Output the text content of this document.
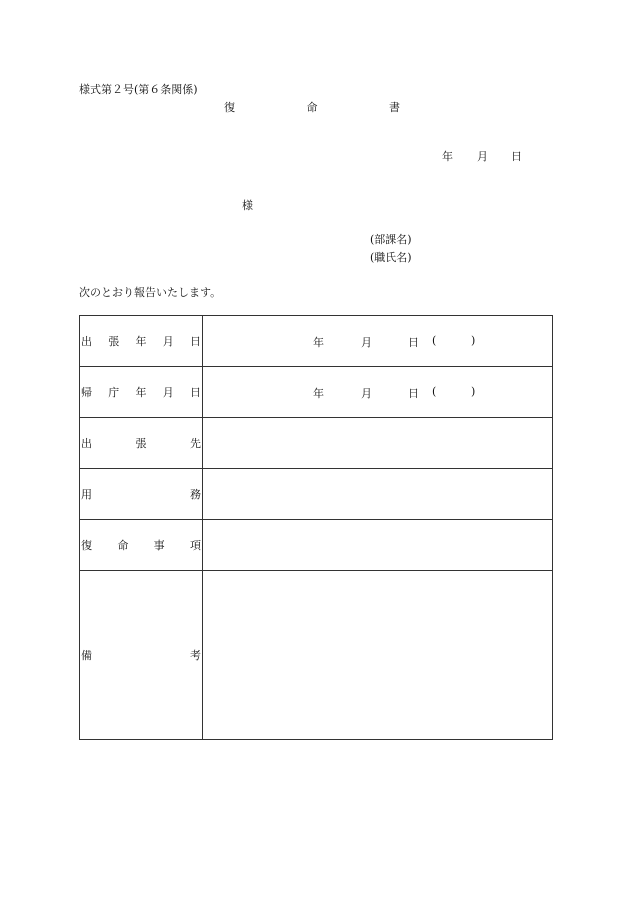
様式第２号(第６条関係)
復	命	書
年 月 日
様
(部課名)
(職氏名)
次のとおり報告いたします。
出 張 年 月 日	年 月 日 ( )

帰 庁 年 月 日	年 月 日 ( )

出 張 先	

用 務	

復 命 事 項	

備 考	
